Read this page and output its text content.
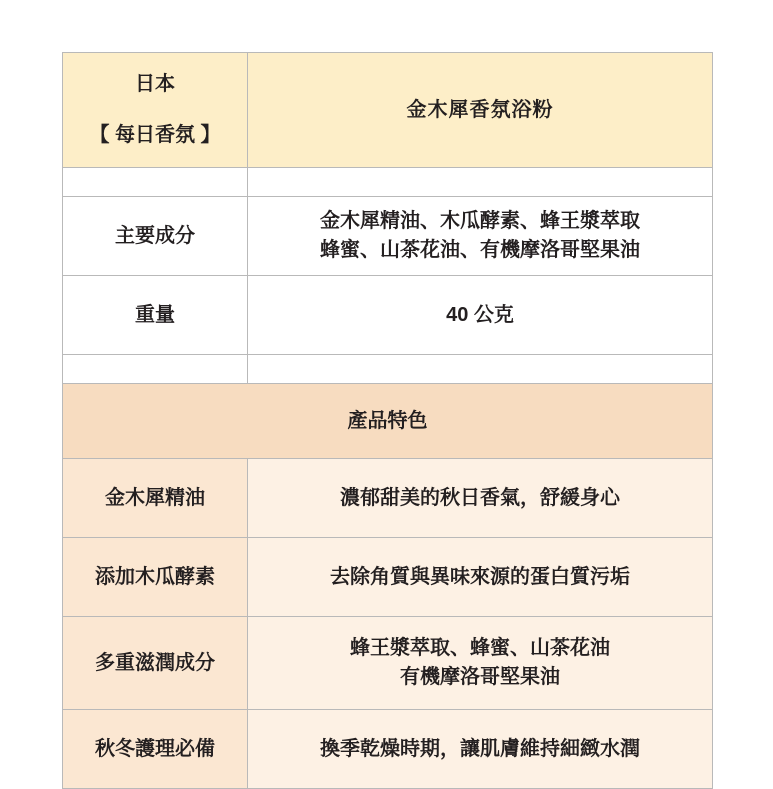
日本
【 每日香氛 】	金木犀香氛浴粉

主要成分	金木犀精油、木瓜酵素、蜂王漿萃取
蜂蜜、山茶花油、有機摩洛哥堅果油

重量	40 公克

產品特色	
金木犀精油	濃郁甜美的秋日香氣，舒緩身心

添加木瓜酵素	去除角質與異味來源的蛋白質污垢

多重滋潤成分	蜂王漿萃取、蜂蜜、山茶花油
有機摩洛哥堅果油

秋冬護理必備	換季乾燥時期，讓肌膚維持細緻水潤
